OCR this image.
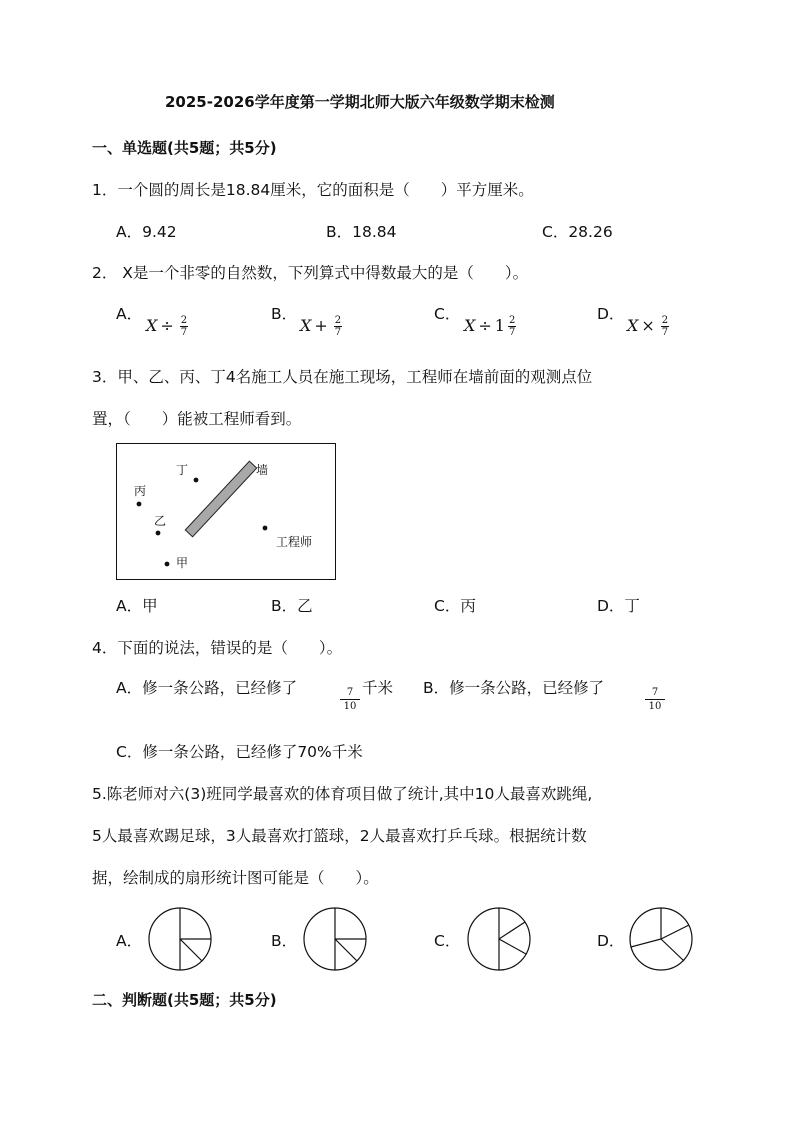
2025-2026学年度第一学期北师大版六年级数学期末检测
一、单选题(共5题；共5分)
1．一个圆的周长是18.84厘米，它的面积是（　　）平方厘米。
A．9.42	B．18.84	C．28.26
2． X是一个非零的自然数，下列算式中得数最大的是（　　）。
A．
$X \div \frac{2}{7}$
B．
$X + \frac{2}{7}$
C．
$X \div 1 \frac{2}{7}$
D．
$X \times \frac{2}{7}$
3．甲、乙、丙、丁4名施工人员在施工现场，工程师在墙前面的观测点位
置，（　　）能被工程师看到。
丁	墙
丙
乙
工程师
甲
A．甲	B．乙	C．丙	D．丁
4．下面的说法，错误的是（　　）。
A．修一条公路，已经修了	$\frac{7}{10}$ 千米 B．修一条公路，已经修了	$\frac{7}{10}$
C．修一条公路，已经修了70%千米
5.陈老师对六(3)班同学最喜欢的体育项目做了统计,其中10人最喜欢跳绳,
5人最喜欢踢足球，3人最喜欢打篮球，2人最喜欢打乒乓球。根据统计数
据，绘制成的扇形统计图可能是（　　）。
A．	B．	C．	D．
二、判断题(共5题；共5分)
